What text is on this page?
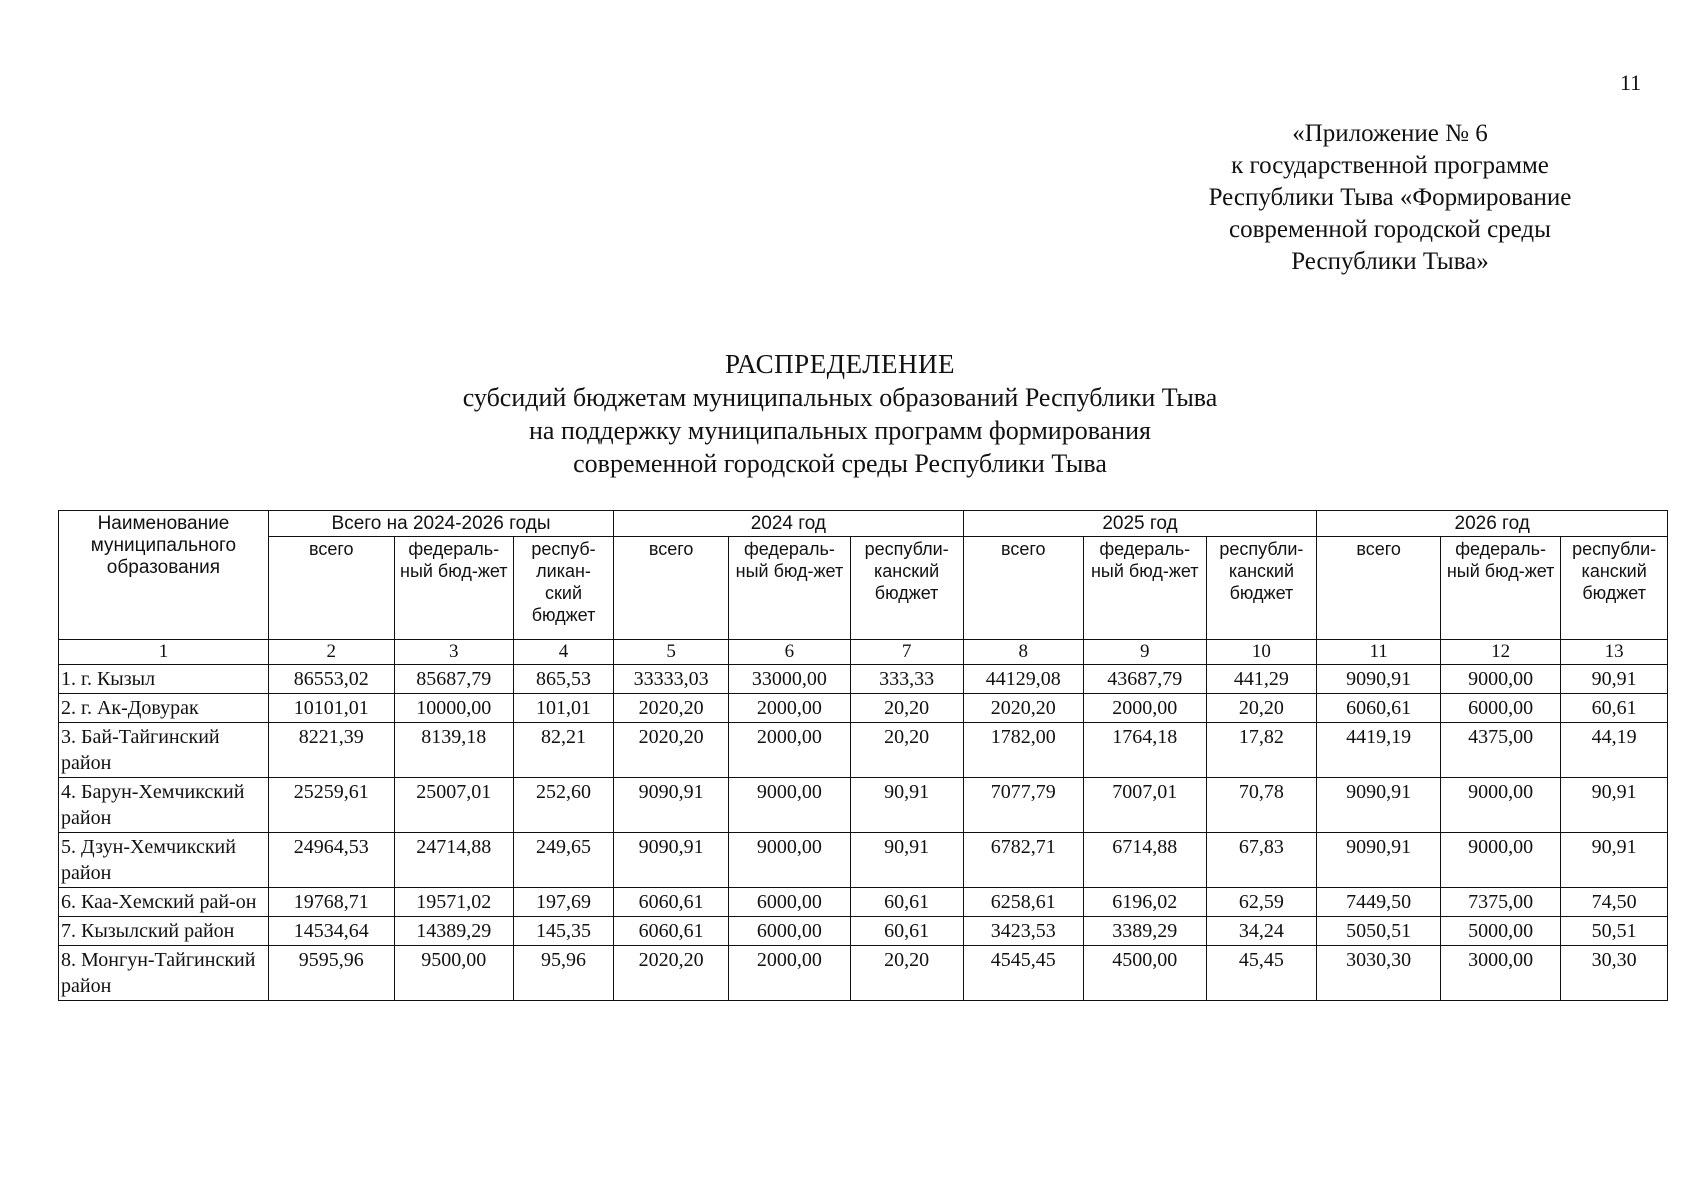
11
«Приложение № 6
к государственной программе
Республики Тыва «Формирование
современной городской среды
Республики Тыва»
РАСПРЕДЕЛЕНИЕ
субсидий бюджетам муниципальных образований Республики Тыва
на поддержку муниципальных программ формирования
современной городской среды Республики Тыва
Наименование муниципального образования	Всего на 2024-2026 годы			2024 год			2025 год			2026 год		
	всего	федераль-ный бюд-жет	респуб-ликан-ский бюджет	всего	федераль-ный бюд-жет	республи-канский бюджет	всего	федераль-ный бюд-жет	республи-канский бюджет	всего	федераль-ный бюд-жет	республи-канский бюджет
1	2	3	4	5	6	7	8	9	10	11	12	13
1. г. Кызыл	86553,02	85687,79	865,53	33333,03	33000,00	333,33	44129,08	43687,79	441,29	9090,91	9000,00	90,91
2. г. Ак-Довурак	10101,01	10000,00	101,01	2020,20	2000,00	20,20	2020,20	2000,00	20,20	6060,61	6000,00	60,61
3. Бай-Тайгинский район	8221,39	8139,18	82,21	2020,20	2000,00	20,20	1782,00	1764,18	17,82	4419,19	4375,00	44,19
4. Барун-Хемчикский район	25259,61	25007,01	252,60	9090,91	9000,00	90,91	7077,79	7007,01	70,78	9090,91	9000,00	90,91
5. Дзун-Хемчикский район	24964,53	24714,88	249,65	9090,91	9000,00	90,91	6782,71	6714,88	67,83	9090,91	9000,00	90,91
6. Каа-Хемский рай-он	19768,71	19571,02	197,69	6060,61	6000,00	60,61	6258,61	6196,02	62,59	7449,50	7375,00	74,50
7. Кызылский район	14534,64	14389,29	145,35	6060,61	6000,00	60,61	3423,53	3389,29	34,24	5050,51	5000,00	50,51
8. Монгун-Тайгинский район	9595,96	9500,00	95,96	2020,20	2000,00	20,20	4545,45	4500,00	45,45	3030,30	3000,00	30,30
